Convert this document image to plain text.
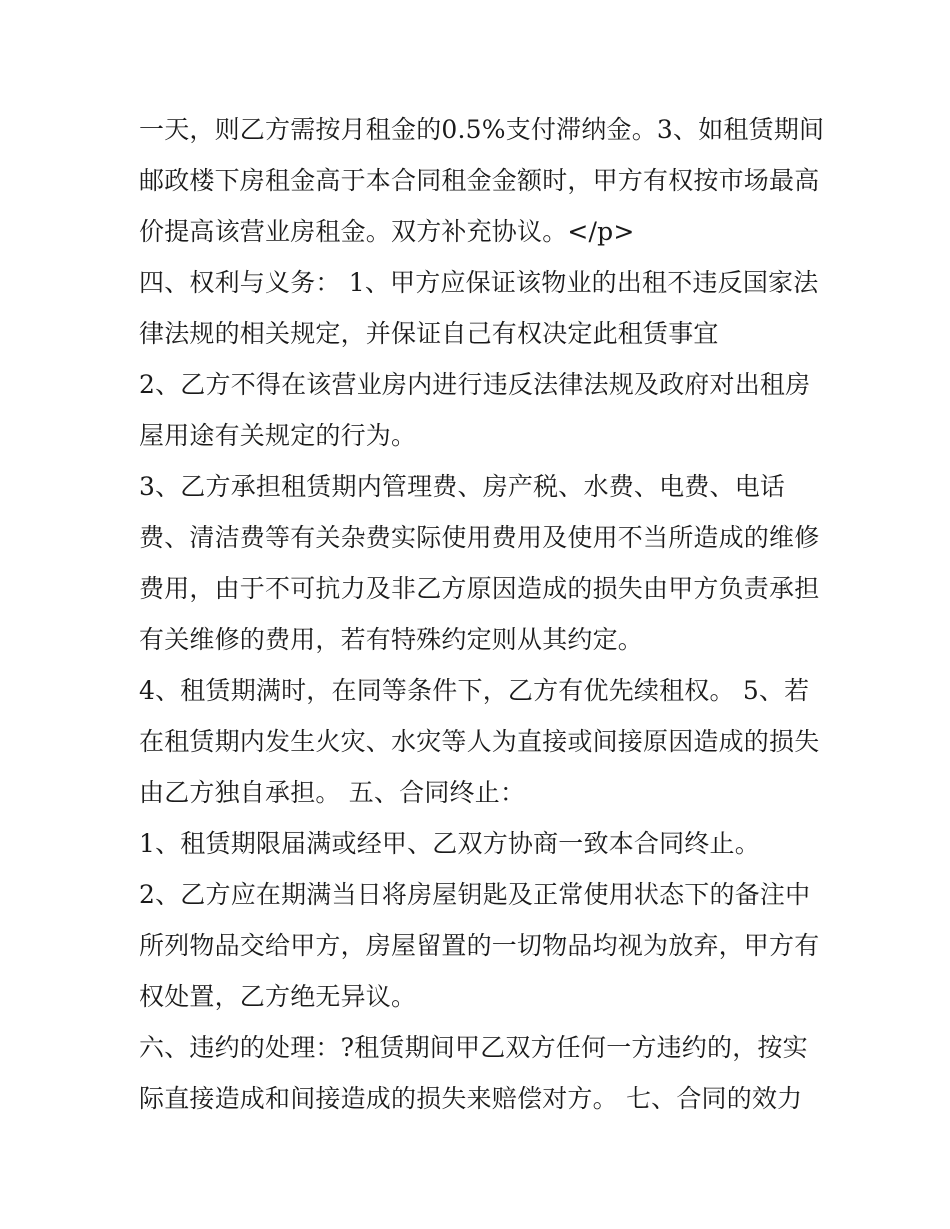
一天，则乙方需按月租金的0.5%支付滞纳金。3、如租赁期间
邮政楼下房租金高于本合同租金金额时，甲方有权按市场最高
价提高该营业房租金。双方补充协议。</p>
四、权利与义务： 1、甲方应保证该物业的出租不违反国家法
律法规的相关规定，并保证自己有权决定此租赁事宜
2、乙方不得在该营业房内进行违反法律法规及政府对出租房
屋用途有关规定的行为。
3、乙方承担租赁期内管理费、房产税、水费、电费、电话
费、清洁费等有关杂费实际使用费用及使用不当所造成的维修
费用，由于不可抗力及非乙方原因造成的损失由甲方负责承担
有关维修的费用，若有特殊约定则从其约定。
4、租赁期满时，在同等条件下，乙方有优先续租权。 5、若
在租赁期内发生火灾、水灾等人为直接或间接原因造成的损失
由乙方独自承担。 五、合同终止：
1、租赁期限届满或经甲、乙双方协商一致本合同终止。
2、乙方应在期满当日将房屋钥匙及正常使用状态下的备注中
所列物品交给甲方，房屋留置的一切物品均视为放弃，甲方有
权处置，乙方绝无异议。
六、违约的处理：?租赁期间甲乙双方任何一方违约的，按实
际直接造成和间接造成的损失来赔偿对方。 七、合同的效力
